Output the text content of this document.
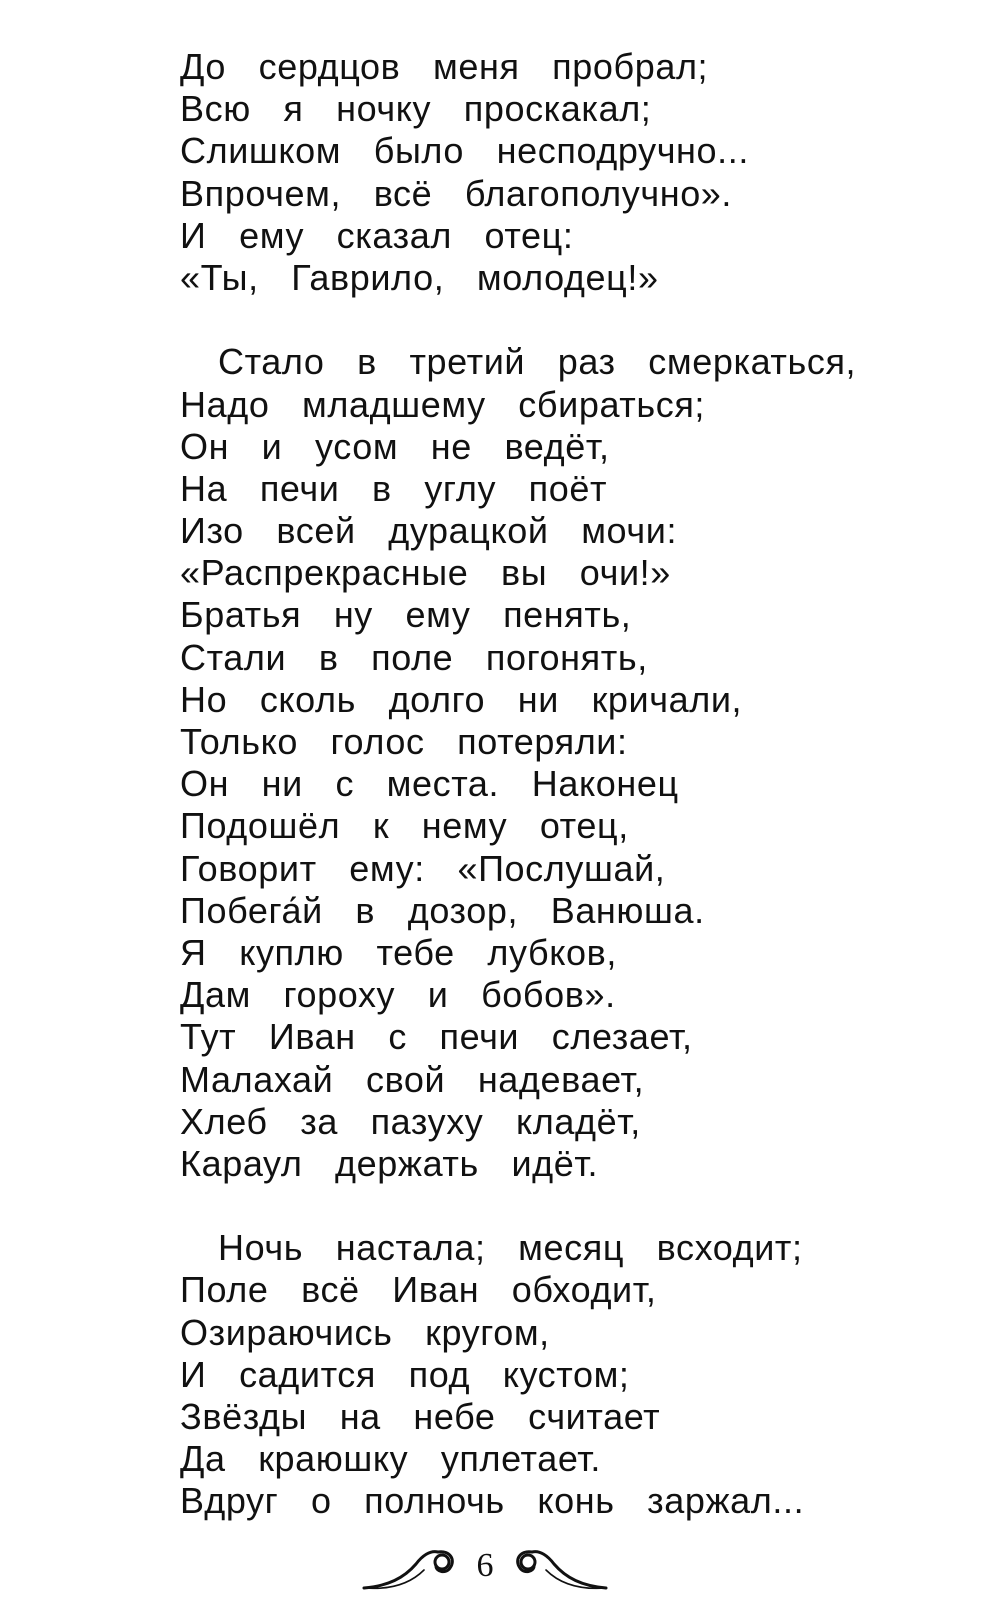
До сердцов меня пробрал;
Всю я ночку проскакал;
Слишком было несподручно...
Впрочем, всё благополучно».
И ему сказал отец:
«Ты, Гаврило, молодец!»
Стало в третий раз смеркаться,
Надо младшему сбираться;
Он и усом не ведёт,
На печи в углу поёт
Изо всей дурацкой мочи:
«Распрекрасные вы очи!»
Братья ну ему пенять,
Стали в поле погонять,
Но сколь долго ни кричали,
Только голос потеряли:
Он ни с места. Наконец
Подошёл к нему отец,
Говорит ему: «Послушай,
Побега́й в дозор, Ванюша.
Я куплю тебе лубков,
Дам гороху и бобов».
Тут Иван с печи слезает,
Малахай свой надевает,
Хлеб за пазуху кладёт,
Караул держать идёт.
Ночь настала; месяц всходит;
Поле всё Иван обходит,
Озираючись кругом,
И садится под кустом;
Звёзды на небе считает
Да краюшку уплетает.
Вдруг о полночь конь заржал...
6
